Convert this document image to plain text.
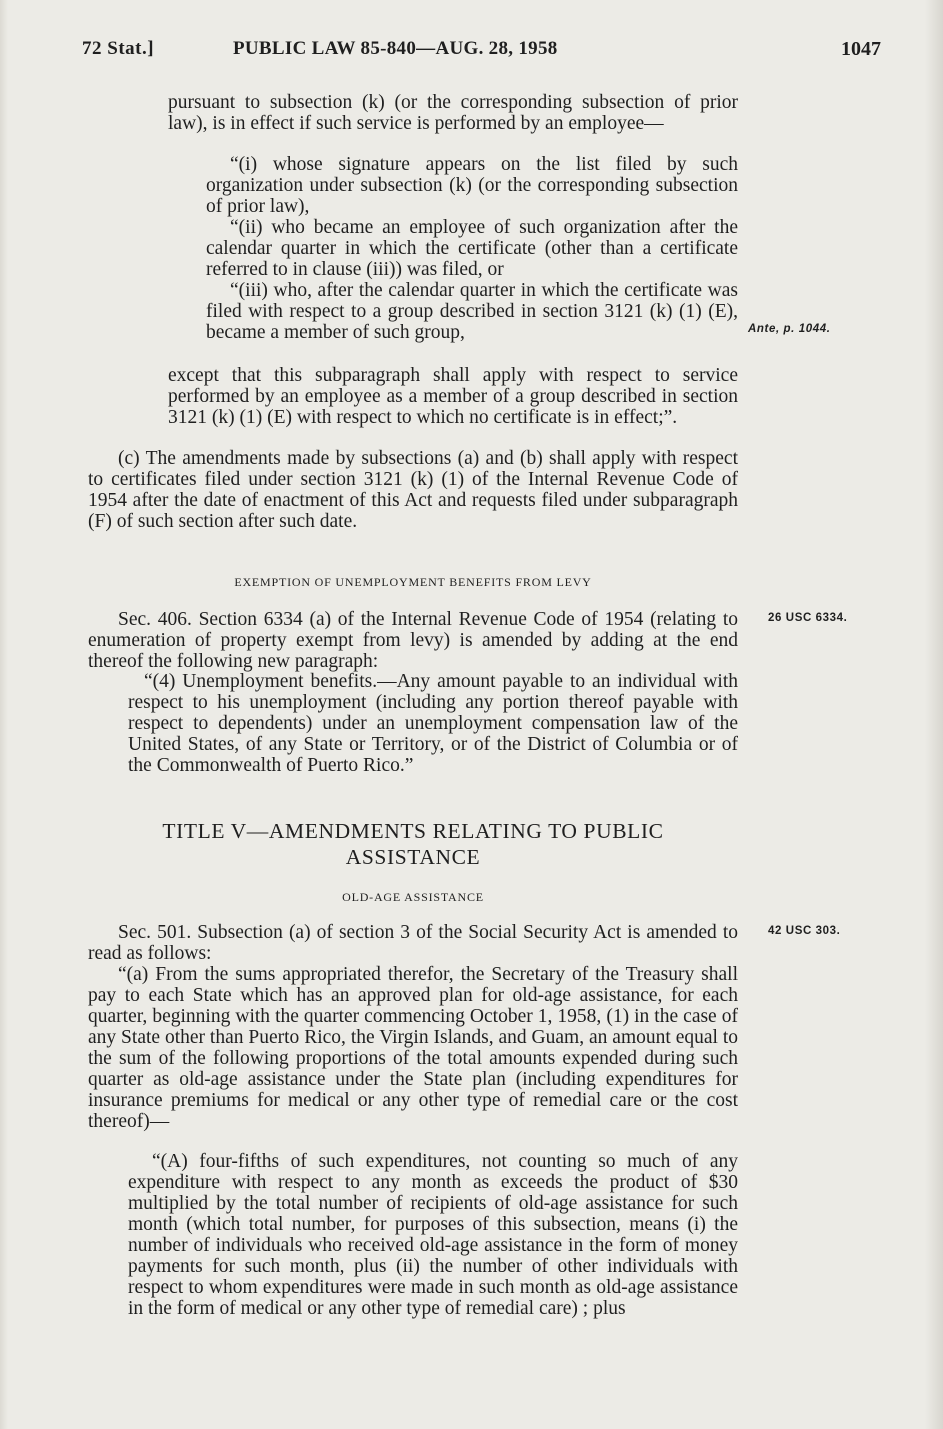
72 Stat.]	PUBLIC LAW 85-840—AUG. 28, 1958	1047

pursuant to subsection (k) (or the corresponding subsection of prior law), is in effect if such service is performed by an employee—

“(i) whose signature appears on the list filed by such organization under subsection (k) (or the corresponding subsection of prior law),

“(ii) who became an employee of such organization after the calendar quarter in which the certificate (other than a certificate referred to in clause (iii)) was filed, or

“(iii) who, after the calendar quarter in which the certificate was filed with respect to a group described in section 3121 (k) (1) (E), became a member of such group,	Ante, p. 1044.

except that this subparagraph shall apply with respect to service performed by an employee as a member of a group described in section 3121 (k) (1) (E) with respect to which no certificate is in effect;”.

(c) The amendments made by subsections (a) and (b) shall apply with respect to certificates filed under section 3121 (k) (1) of the Internal Revenue Code of 1954 after the date of enactment of this Act and requests filed under subparagraph (F) of such section after such date.

EXEMPTION OF UNEMPLOYMENT BENEFITS FROM LEVY

Sec. 406. Section 6334 (a) of the Internal Revenue Code of 1954 (relating to enumeration of property exempt from levy) is amended by adding at the end thereof the following new paragraph:

26 USC 6334.

“(4) Unemployment benefits.—Any amount payable to an individual with respect to his unemployment (including any portion thereof payable with respect to dependents) under an unemployment compensation law of the United States, of any State or Territory, or of the District of Columbia or of the Commonwealth of Puerto Rico.”

TITLE V—AMENDMENTS RELATING TO PUBLIC
ASSISTANCE
OLD-AGE ASSISTANCE

Sec. 501. Subsection (a) of section 3 of the Social Security Act is amended to read as follows:

42 USC 303.

“(a) From the sums appropriated therefor, the Secretary of the Treasury shall pay to each State which has an approved plan for old-age assistance, for each quarter, beginning with the quarter commencing October 1, 1958, (1) in the case of any State other than Puerto Rico, the Virgin Islands, and Guam, an amount equal to the sum of the following proportions of the total amounts expended during such quarter as old-age assistance under the State plan (including expenditures for insurance premiums for medical or any other type of remedial care or the cost thereof)—

“(A) four-fifths of such expenditures, not counting so much of any expenditure with respect to any month as exceeds the product of $30 multiplied by the total number of recipients of old-age assistance for such month (which total number, for purposes of this subsection, means (i) the number of individuals who received old-age assistance in the form of money payments for such month, plus (ii) the number of other individuals with respect to whom expenditures were made in such month as old-age assistance in the form of medical or any other type of remedial care) ; plus
